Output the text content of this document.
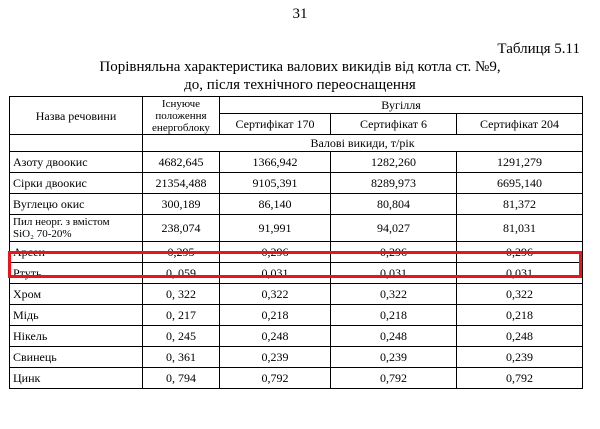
31
Таблиця 5.11
Порівняльна характеристика валових викидів від котла ст. №9,
до, після технічного переоснащення
Назва речовини	Існуюче
положення
енергоблоку	Вугілля		
		Сертифікат 170	Сертифікат 6	Сертифікат 204
	Валові викиди, т/рік			
Азоту двоокис	4682,645	1366,942	1282,260	1291,279
Сірки двоокис	21354,488	9105,391	8289,973	6695,140
Вуглецю окис	300,189	86,140	80,804	81,372

Пил неорг. з вмістом
SiO₂ 70-20%	238,074	91,991	94,027	81,031
Арсен	0,295	0,296	0,296	0,296
Ртуть	0, 059	0,031	0,031	0,031
Хром	0, 322	0,322	0,322	0,322
Мідь	0, 217	0,218	0,218	0,218
Нікель	0, 245	0,248	0,248	0,248
Свинець	0, 361	0,239	0,239	0,239
Цинк	0, 794	0,792	0,792	0,792
